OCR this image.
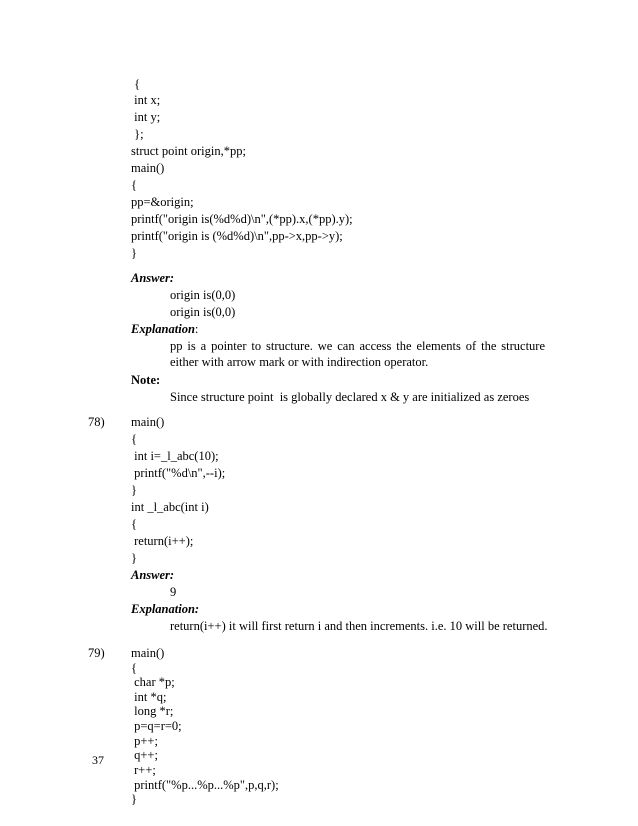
{
int x;
int y;
};
struct point origin,*pp;
main()
{
pp=&origin;
printf("origin is(%d%d)\n",(*pp).x,(*pp).y);
printf("origin is (%d%d)\n",pp->x,pp->y);
}
Answer:
origin is(0,0)
origin is(0,0)
Explanation:
pp is a pointer to structure. we can access the elements of the structure either with arrow mark or with indirection operator.
Note:
Since structure point  is globally declared x & y are initialized as zeroes
78) main()
{
int i=_l_abc(10);
printf("%d\n",--i);
}
int _l_abc(int i)
{
return(i++);
}
Answer:
9
Explanation:
return(i++) it will first return i and then increments. i.e. 10 will be returned.
79) main()
{
char *p;
int *q;
long *r;
p=q=r=0;
p++;
q++;
r++;
printf("%p...%p...%p",p,q,r);
}
37
